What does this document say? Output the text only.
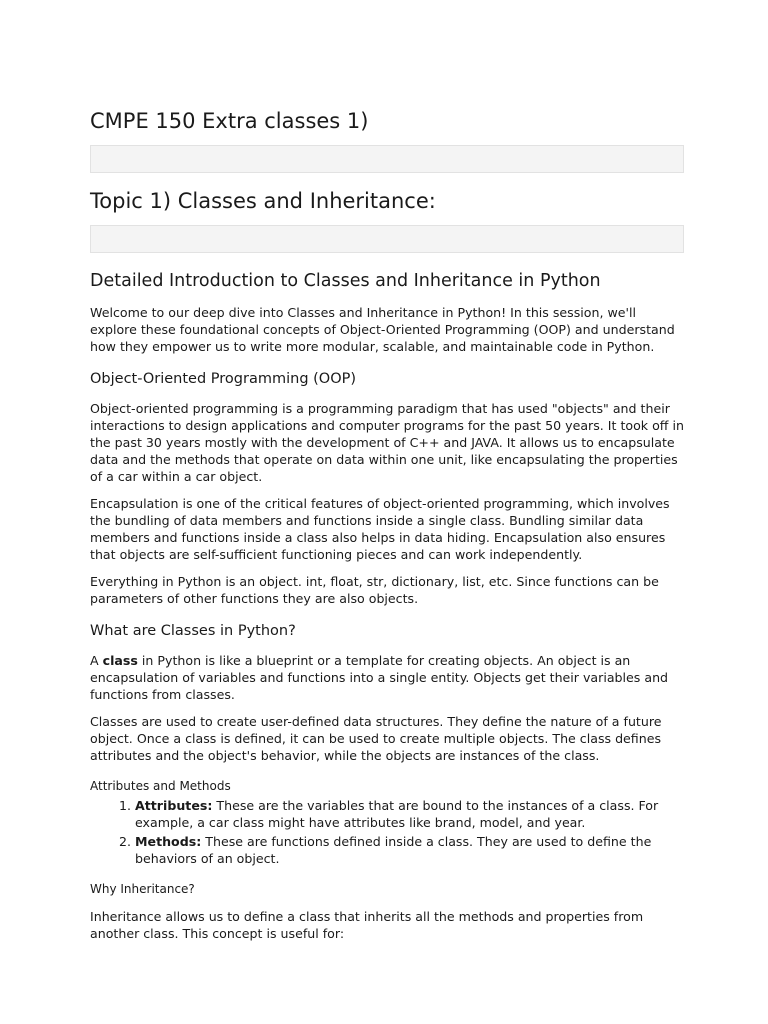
CMPE 150 Extra classes 1)
Topic 1) Classes and Inheritance:
Detailed Introduction to Classes and Inheritance in Python

Welcome to our deep dive into Classes and Inheritance in Python! In this session, we'll explore these foundational concepts of Object-Oriented Programming (OOP) and understand how they empower us to write more modular, scalable, and maintainable code in Python.

Object-Oriented Programming (OOP)

Object-oriented programming is a programming paradigm that has used "objects" and their interactions to design applications and computer programs for the past 50 years. It took off in the past 30 years mostly with the development of C++ and JAVA. It allows us to encapsulate data and the methods that operate on data within one unit, like encapsulating the properties of a car within a car object.

Encapsulation is one of the critical features of object-oriented programming, which involves the bundling of data members and functions inside a single class. Bundling similar data members and functions inside a class also helps in data hiding. Encapsulation also ensures that objects are self-sufficient functioning pieces and can work independently.

Everything in Python is an object. int, float, str, dictionary, list, etc. Since functions can be parameters of other functions they are also objects.

What are Classes in Python?

A class in Python is like a blueprint or a template for creating objects. An object is an encapsulation of variables and functions into a single entity. Objects get their variables and functions from classes.

Classes are used to create user-defined data structures. They define the nature of a future object. Once a class is defined, it can be used to create multiple objects. The class defines attributes and the object's behavior, while the objects are instances of the class.

Attributes and Methods
1. Attributes: These are the variables that are bound to the instances of a class. For example, a car class might have attributes like brand, model, and year.
2. Methods: These are functions defined inside a class. They are used to define the behaviors of an object.
Why Inheritance?

Inheritance allows us to define a class that inherits all the methods and properties from another class. This concept is useful for:
